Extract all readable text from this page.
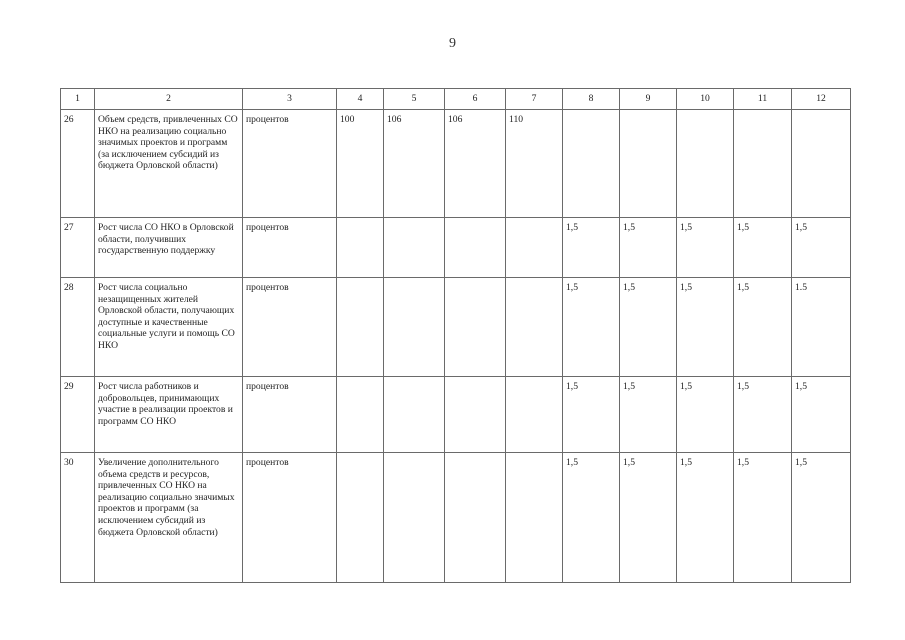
9
1	2	3	4	5	6	7	8	9	10	11	12
26	Объем средств, привлеченных СО НКО на реализацию социально значимых проектов и программ (за исключением субсидий из бюджета Орловской области)	процентов	100	106	106	110					
27	Рост числа СО НКО в Орловской области, получивших государственную поддержку	процентов					1,5	1,5	1,5	1,5	1,5
28	Рост числа социально незащищенных жителей Орловской области, получающих доступные и качественные социальные услуги и помощь СО НКО	процентов					1,5	1,5	1,5	1,5	1.5
29	Рост числа работников и добровольцев, принимающих участие в реализации проектов и программ СО НКО	процентов					1,5	1,5	1,5	1,5	1,5
30	Увеличение дополнительного объема средств и ресурсов, привлеченных СО НКО на реализацию социально значимых проектов и программ (за исключением субсидий из бюджета Орловской области)	процентов					1,5	1,5	1,5	1,5	1,5
